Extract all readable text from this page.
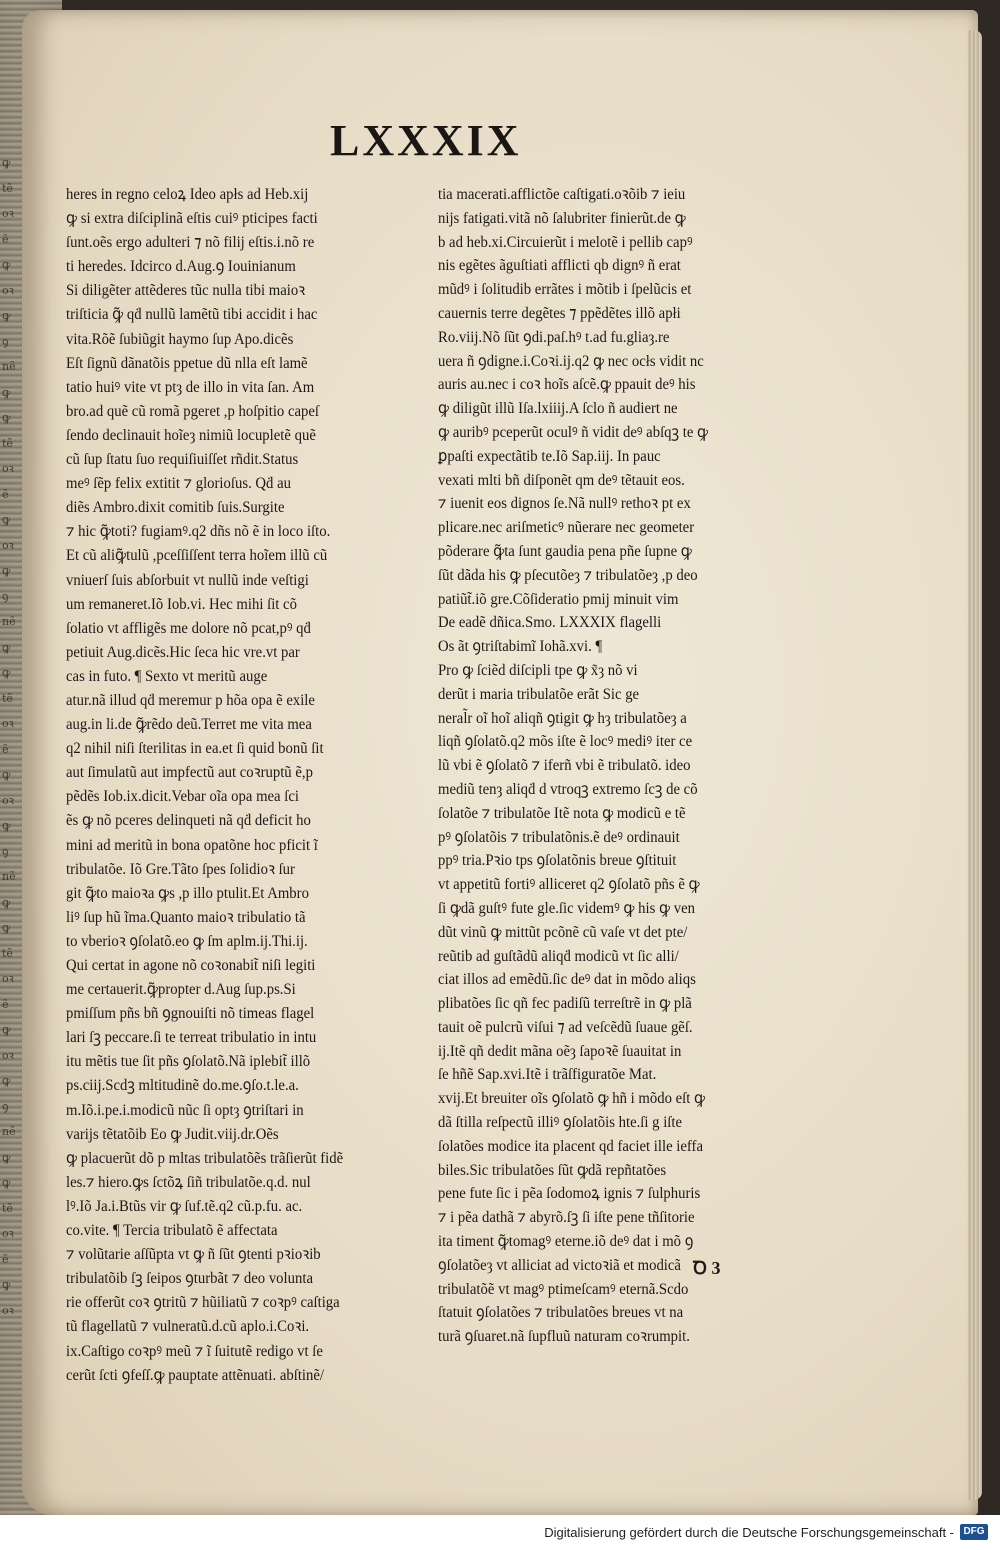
ꝙ
tẽ
oꝛ
ẽ
ꝙ
oꝛ
ꝙ
ꝯ
nẽ
ꝙ
ꝙ
tẽ
oꝛ
ẽ
ꝙ
oꝛ
ꝙ
ꝯ
nẽ
ꝙ
ꝙ
tẽ
oꝛ
ẽ
ꝙ
oꝛ
ꝙ
ꝯ
nẽ
ꝙ
ꝙ
tẽ
oꝛ
ẽ
ꝙ
oꝛ
ꝙ
ꝯ
nẽ
ꝙ
ꝙ
tẽ
oꝛ
ẽ
ꝙ
oꝛ
LXXXIX
heres in regno celoꝝ Ideo apłs ad Heb.xij
ꝙ si extra diſciplinã eſtis cuiꝰ pticipes facti
ſunt.oẽs ergo adulteri ⁊ nõ filij eſtis.i.nõ re
ti heredes. Idcirco d.Aug.ꝯ Iouinianum
Si diligẽter attẽderes tũc nulla tibi maioꝛ
triſticia ꝙ̃ qḋ nullũ lamẽtũ tibi accidit i hac
vita.Rõẽ ſubiũgit haymo ſup Apo.dicẽs
Eſt ſignũ dãnatõis ppetue dũ nlla eſt lamẽ
tatio huiꝰ vite vt ptȝ de illo in vita ſan. Am
bro.ad quẽ cũ romã pgeret ,p hoſpitio capeſ
ſendo declinauit hoĩeȝ nimiũ locupletẽ quẽ
cũ ſup ſtatu ſuo requiſiuiſſet rñdit.Status
meꝰ ſẽp felix extitit ⁊ glorioſus. Qḋ au
diẽs Ambro.dixit comitib ſuis.Surgite
⁊ hic ꝙ̃toti? fugiamꝰ.q2 dñs nõ ẽ in loco iſto.
Et cũ aliꝙ̃tulũ ,pceſſiſſent terra hoĩem illũ cũ
vniuerſ ſuis abſorbuit vt nullũ inde veſtigi
um remaneret.Iõ Iob.vi. Hec mihi ſit cõ
ſolatio vt affligẽs me dolore nõ pcat,pꝰ qḋ
petiuit Aug.dicẽs.Hic ſeca hic vre.vt par
cas in futo. ¶ Sexto vt meritũ auge
atur.nã illud qḋ meremur p hõa opa ẽ exile
aug.in li.de ꝙ̃rẽdo deũ.Terret me vita mea
q2 nihil niſi ſterilitas in ea.et ſi quid bonũ ſit
aut ſimulatũ aut impfectũ aut coꝛruptũ ẽ,p
pẽdẽs Iob.ix.dicit.Vebar oĩa opa mea ſci
ẽs ꝙ nõ pceres delinqueti nã qḋ deficit ho
mini ad meritũ in bona opatõne hoc pficit ĩ
tribulatõe. Iõ Gre.Tãto ſpes ſolidioꝛ ſur
git ꝙ̃to maioꝛa ꝙs ,p illo ptulit.Et Ambro
liꝰ ſup hũ ĩma.Quanto maioꝛ tribulatio tã
to vberioꝛ ꝯſolatõ.eo ꝙ ſm aplm.ij.Thi.ij.
Qui certat in agone nõ coꝛonabit̃ niſi legiti
me certauerit.ꝙ̃propter d.Aug ſup.ps.Si
pmiſſum pñs bñ ꝯgnouiſti nõ timeas flagel
lari ſꝫ peccare.ſi te terreat tribulatio in intu
itu mẽtis tue ſit pñs ꝯſolatõ.Nã iplebit̃ illõ
ps.ciij.Scdꝫ mltitudinẽ do.me.ꝯſo.t.le.a.
m.Iõ.i.pe.i.modicũ nũc ſi optȝ ꝯtriſtari in
varijs tẽtatõib Eo ꝙ Judit.viij.dr.Oẽs
ꝙ placuerũt dõ p mltas tribulatõẽs trãſierũt fidẽ
les.⁊ hiero.ꝙs ſctõꝝ ſiñ tribulatõe.q.d. nul
lꝰ.Iõ Ja.i.Btũs vir ꝙ ſuf.tẽ.q2 cũ.p.fu. ac.
co.vite. ¶ Tercia tribulatõ ẽ affectata
⁊ volũtarie aſſũpta vt ꝙ ñ ſũt ꝯtenti pꝛioꝛib
tribulatõib ſꝫ ſeipos ꝯturbãt ⁊ deo volunta
rie offerũt coꝛ ꝯtritũ ⁊ hũiliatũ ⁊ coꝛpꝰ caſtiga
tũ flagellatũ ⁊ vulneratũ.d.cũ aplo.i.Coꝛi.
ix.Caſtigo coꝛpꝰ meũ ⁊ ĩ ſuitutẽ redigo vt ſe
cerũt ſcti ꝯfeſſ.ꝙ pauptate attẽnuati. abſtinẽ/
tia macerati.afflictõe caſtigati.oꝛõib ⁊ ieiu
nijs fatigati.vitã nõ ſalubriter finierũt.de ꝙ
b ad heb.xi.Circuierũt i melotẽ i pellib capꝰ
nis egẽtes ãguſtiati afflicti qb dignꝰ ñ erat
mũdꝰ i ſolitudib errãtes i mõtib i ſpelũcis et
cauernis terre degẽtes ⁊ ppẽdẽtes illõ apłi
Ro.viij.Nõ ſũt ꝯdi.paſ.hꝰ t.ad fu.gliaȝ.re
uera ñ ꝯdigne.i.Coꝛi.ij.q2 ꝙ nec ocłs vidit nc
auris au.nec i coꝛ hoĩs aſcẽ.ꝙ ppauit deꝰ his
ꝙ diligũt illũ Iſa.lxiiij.A ſclo ñ audiert ne
ꝙ auribꝰ pceperũt oculꝰ ñ vidit deꝰ abſqꝫ te ꝙ
ꝑpaſti expectãtib te.Iõ Sap.iij. In pauc
vexati mlti bñ diſponẽt qm deꝰ tẽtauit eos.
⁊ iuenit eos dignos ſe.Nã nullꝰ rethoꝛ pt ex
plicare.nec ariſmeticꝰ nũerare nec geometer
põderare ꝙ̃ta ſunt gaudia pena pñe ſupne ꝙ
ſũt dãda his ꝙ pſecutõeȝ ⁊ tribulatõeȝ ,p deo
patiũt̃.iõ gre.Cõſideratio pmij minuit vim
De eadẽ dñica.Smo. LXXXIX flagelli
Os ãt ꝯtriſtabimĩ Iohã.xvi. ¶
Pro ꝙ ſciẽd diſcipli tpe ꝙ x̃ȝ nõ vi
derũt i maria tribulatõe erãt Sic ge
neral̃r oĩ hoĩ aliqñ ꝯtigit ꝙ hȝ tribulatõeȝ a
liqñ ꝯſolatõ.q2 mõs iſte ẽ locꝰ mediꝰ iter ce
lũ vbi ẽ ꝯſolatõ ⁊ iferñ vbi ẽ tribulatõ. ideo
mediũ tenȝ aliqḋ d vtroqꝫ extremo ſcꝫ de cõ
ſolatõe ⁊ tribulatõe Itẽ nota ꝙ modicũ e tẽ
pꝰ ꝯſolatõis ⁊ tribulatõnis.ẽ deꝰ ordinauit
ppꝰ tria.Pꝛio tps ꝯſolatõnis breue ꝯſtituit
vt appetitũ fortiꝰ alliceret q2 ꝯſolatõ pñs ẽ ꝙ
ſi ꝙdã guſtꝰ fute gle.ſic videmꝰ ꝙ his ꝙ ven
dũt vinũ ꝙ mittũt pcõnẽ cũ vaſe vt det pte/
reũtib ad guſtãdũ aliqḋ modicũ vt ſic alli/
ciat illos ad emẽdũ.ſic deꝰ dat in mõdo aliqs
plibatões ſic qñ fec padiſũ terreſtrẽ in ꝙ plã
tauit oẽ pulcrũ viſui ⁊ ad veſcẽdũ ſuaue gẽſ.
ij.Itẽ qñ dedit mãna oẽȝ ſapoꝛẽ ſuauitat in
ſe hñẽ Sap.xvi.Itẽ i trãſfiguratõe Mat.
xvij.Et breuiter oĩs ꝯſolatõ ꝙ hñ i mõdo eſt ꝙ
dã ſtilla reſpectũ illiꝰ ꝯſolatõis hte.ſi g iſte
ſolatões modice ita placent qd faciet ille ieffa
biles.Sic tribulatões ſũt ꝙdã repñtatões
pene fute ſic i pẽa ſodomoꝝ ignis ⁊ ſulphuris
⁊ i pẽa dathã ⁊ abyrõ.ſꝫ ſi iſte pene tñſitorie
ita timent ꝙ̃tomagꝰ eterne.iõ deꝰ dat i mõ ꝯ
ꝯſolatõeȝ vt alliciat ad victoꝛiã et modicã
tribulatõẽ vt magꝰ ptimeſcamꝰ eternã.Scdo
ſtatuit ꝯſolatões ⁊ tribulatões breues vt na
turã ꝯſuaret.nã ſupfluũ naturam coꝛrumpit.
Ꝺ 3
Digitalisierung gefördert durch die Deutsche Forschungsgemeinschaft - DFG
